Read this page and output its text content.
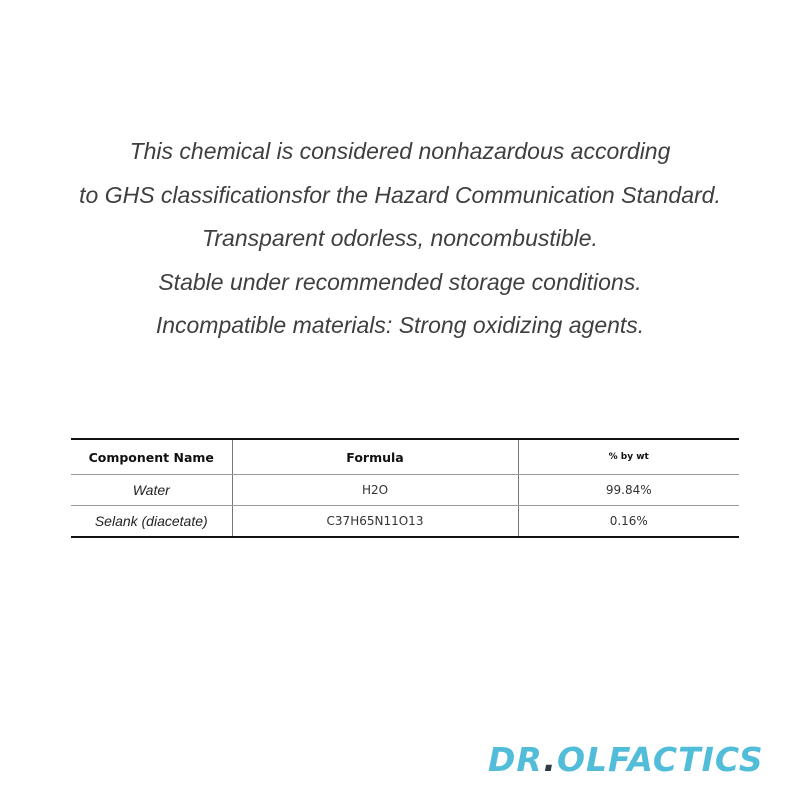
This chemical is considered nonhazardous according
to GHS classificationsfor the Hazard Communication Standard.
Transparent odorless, noncombustible.
Stable under recommended storage conditions.
Incompatible materials: Strong oxidizing agents.
Component Name	Formula	% by wt
Water	H2O	99.84%
Selank (diacetate)	C37H65N11O13	0.16%
DR.OLFACTICS
